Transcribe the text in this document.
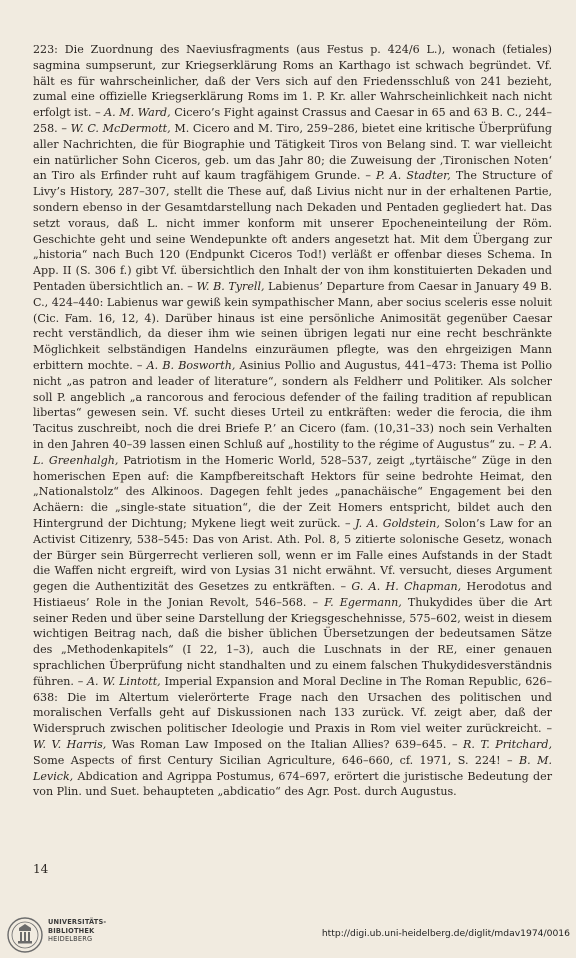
223: Die Zuordnung des Naeviusfragments (aus Festus p. 424/6 L.), wonach (fetiales) sagmina sumpserunt, zur Kriegserklärung Roms an Karthago ist schwach begründet. Vf. hält es für wahrscheinlicher, daß der Vers sich auf den Friedensschluß von 241 bezieht, zumal eine offizielle Kriegserklärung Roms im 1. P. Kr. aller Wahrscheinlichkeit nach nicht erfolgt ist. – A. M. Ward, Cicero’s Fight against Crassus and Caesar in 65 and 63 B. C., 244–258. – W. C. McDermott, M. Cicero and M. Tiro, 259–286, bietet eine kritische Überprüfung aller Nachrichten, die für Biographie und Tätigkeit Tiros von Belang sind. T. war vielleicht ein natürlicher Sohn Ciceros, geb. um das Jahr 80; die Zuweisung der ‚Tironischen Noten‘ an Tiro als Erfinder ruht auf kaum tragfähigem Grunde. – P. A. Stadter, The Structure of Livy’s History, 287–307, stellt die These auf, daß Livius nicht nur in der erhaltenen Partie, sondern ebenso in der Gesamtdarstellung nach Dekaden und Pentaden gegliedert hat. Das setzt voraus, daß L. nicht immer konform mit unserer Epocheneinteilung der Röm. Geschichte geht und seine Wendepunkte oft anders angesetzt hat. Mit dem Übergang zur „historia“ nach Buch 120 (Endpunkt Ciceros Tod!) verläßt er offenbar dieses Schema. In App. II (S. 306 f.) gibt Vf. übersichtlich den Inhalt der von ihm konstituierten Dekaden und Pentaden übersichtlich an. – W. B. Tyrell, Labienus’ Departure from Caesar in January 49 B. C., 424–440: Labienus war gewiß kein sympathischer Mann, aber socius sceleris esse noluit (Cic. Fam. 16, 12, 4). Darüber hinaus ist eine persönliche Animosität gegenüber Caesar recht verständlich, da dieser ihm wie seinen übrigen legati nur eine recht beschränkte Möglichkeit selbständigen Handelns einzuräumen pflegte, was den ehrgeizigen Mann erbittern mochte. – A. B. Bosworth, Asinius Pollio and Augustus, 441–473: Thema ist Pollio nicht „as patron and leader of literature“, sondern als Feldherr und Politiker. Als solcher soll P. angeblich „a rancorous and ferocious defender of the failing tradition af republican libertas“ gewesen sein. Vf. sucht dieses Urteil zu entkräften: weder die ferocia, die ihm Tacitus zuschreibt, noch die drei Briefe P.’ an Cicero (fam. (10,31–33) noch sein Verhalten in den Jahren 40–39 lassen einen Schluß auf „hostility to the régime of Augustus“ zu. – P. A. L. Greenhalgh, Patriotism in the Homeric World, 528–537, zeigt „tyrtäische“ Züge in den homerischen Epen auf: die Kampfbereitschaft Hektors für seine bedrohte Heimat, den „Nationalstolz“ des Alkinoos. Dagegen fehlt jedes „panachäische“ Engagement bei den Achäern: die „single-state situation“, die der Zeit Homers entspricht, bildet auch den Hintergrund der Dichtung; Mykene liegt weit zurück. – J. A. Goldstein, Solon’s Law for an Activist Citizenry, 538–545: Das von Arist. Ath. Pol. 8, 5 zitierte solonische Gesetz, wonach der Bürger sein Bürgerrecht verlieren soll, wenn er im Falle eines Aufstands in der Stadt die Waffen nicht ergreift, wird von Lysias 31 nicht erwähnt. Vf. versucht, dieses Argument gegen die Authentizität des Gesetzes zu entkräften. – G. A. H. Chapman, Herodotus and Histiaeus’ Role in the Jonian Revolt, 546–568. – F. Egermann, Thukydides über die Art seiner Reden und über seine Darstellung der Kriegsgeschehnisse, 575–602, weist in diesem wichtigen Beitrag nach, daß die bisher üblichen Übersetzungen der bedeutsamen Sätze des „Methodenkapitels“ (I 22, 1–3), auch die Luschnats in der RE, einer genauen sprachlichen Überprüfung nicht standhalten und zu einem falschen Thukydidesverständnis führen. – A. W. Lintott, Imperial Expansion and Moral Decline in The Roman Republic, 626–638: Die im Altertum vielerörterte Frage nach den Ursachen des politischen und moralischen Verfalls geht auf Diskussionen nach 133 zurück. Vf. zeigt aber, daß der Widerspruch zwischen politischer Ideologie und Praxis in Rom viel weiter zurückreicht. – W. V. Harris, Was Roman Law Imposed on the Italian Allies? 639–645. – R. T. Pritchard, Some Aspects of first Century Sicilian Agriculture, 646–660, cf. 1971, S. 224! – B. M. Levick, Abdication and Agrippa Postumus, 674–697, erörtert die juristische Bedeutung der von Plin. und Suet. behaupteten „abdicatio“ des Agr. Post. durch Augustus.

14
UNIVERSITÄTS-
BIBLIOTHEK
HEIDELBERG
http://digi.ub.uni-heidelberg.de/diglit/mdav1974/0016
